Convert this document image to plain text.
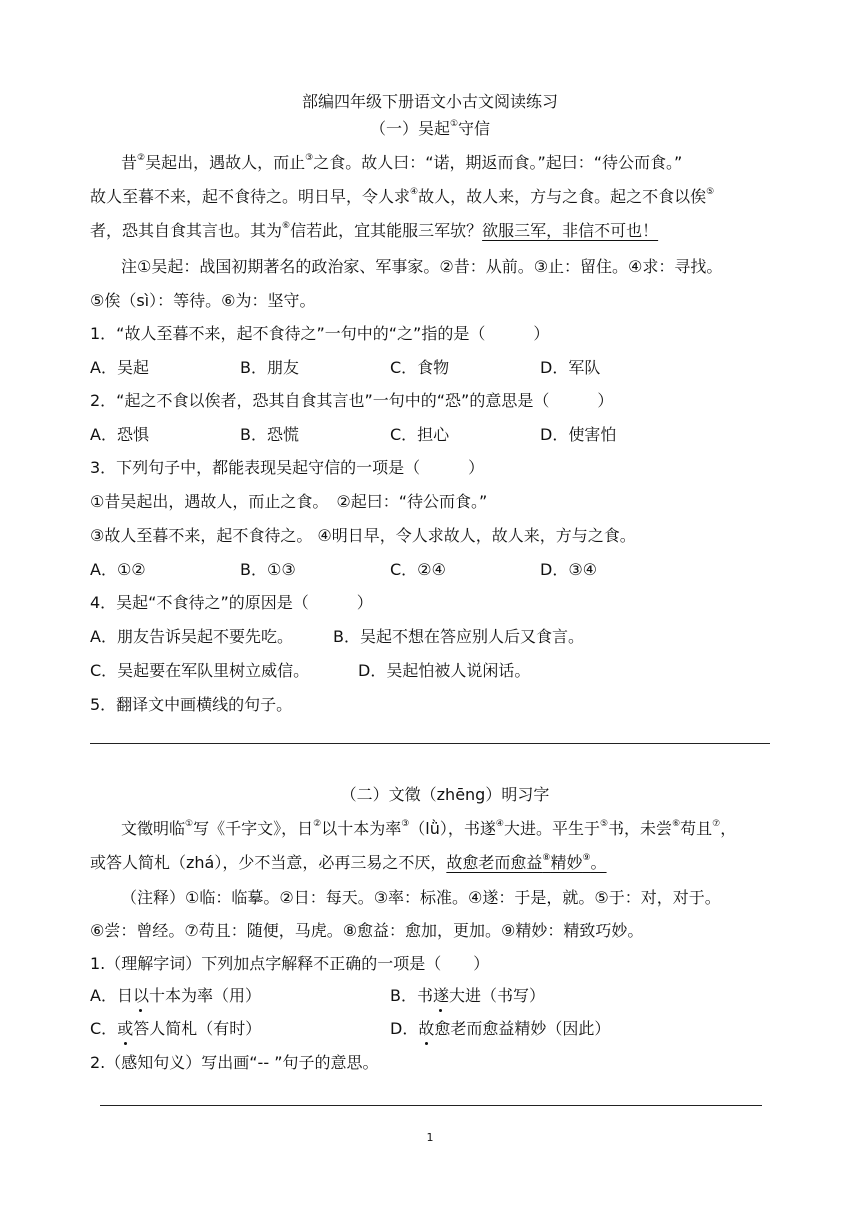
部编四年级下册语文小古文阅读练习
（一）吴起①守信
昔②吴起出，遇故人，而止③之食。故人曰：“诺，期返而食。”起曰：“待公而食。”
故人至暮不来，起不食待之。明日早，令人求④故人，故人来，方与之食。起之不食以俟⑤
者，恐其自食其言也。其为⑥信若此，宜其能服三军欤？欲服三军，非信不可也！
注①吴起：战国初期著名的政治家、军事家。②昔：从前。③止：留住。④求：寻找。
⑤俟（sì）：等待。⑥为：坚守。
1．“故人至暮不来，起不食待之”一句中的“之”指的是（　　　）
A．吴起	B．朋友	C．食物	D．军队
2．“起之不食以俟者，恐其自食其言也”一句中的“恐”的意思是（　　　）
A．恐惧	B．恐慌	C．担心	D．使害怕
3．下列句子中，都能表现吴起守信的一项是（　　　）
①昔吴起出，遇故人，而止之食。　②起曰：“待公而食。”
③故人至暮不来，起不食待之。 ④明日早，令人求故人，故人来，方与之食。
A．①②	B．①③	C．②④	D．③④
4．吴起“不食待之”的原因是（　　　）
A．朋友告诉吴起不要先吃。	B．吴起不想在答应别人后又食言。
C．吴起要在军队里树立威信。	D．吴起怕被人说闲话。
5．翻译文中画横线的句子。
（二）文徵（zhēng）明习字
文徵明临①写《千字文》，日②以十本为率③（lǜ），书遂④大进。平生于⑤书，未尝⑥苟且⑦，
或答人简札（zhá），少不当意，必再三易之不厌，故愈老而愈益⑧精妙⑨。
（注释）①临：临摹。②日：每天。③率：标准。④遂：于是，就。⑤于：对，对于。
⑥尝：曾经。⑦苟且：随便，马虎。⑧愈益：愈加，更加。⑨精妙：精致巧妙。
1.（理解字词）下列加点字解释不正确的一项是（　　）
A．日以十本为率（用）	B．书遂大进（书写）
C．或答人简札（有时）	D．故愈老而愈益精妙（因此）
2.（感知句义）写出画“-- ”句子的意思。
1
